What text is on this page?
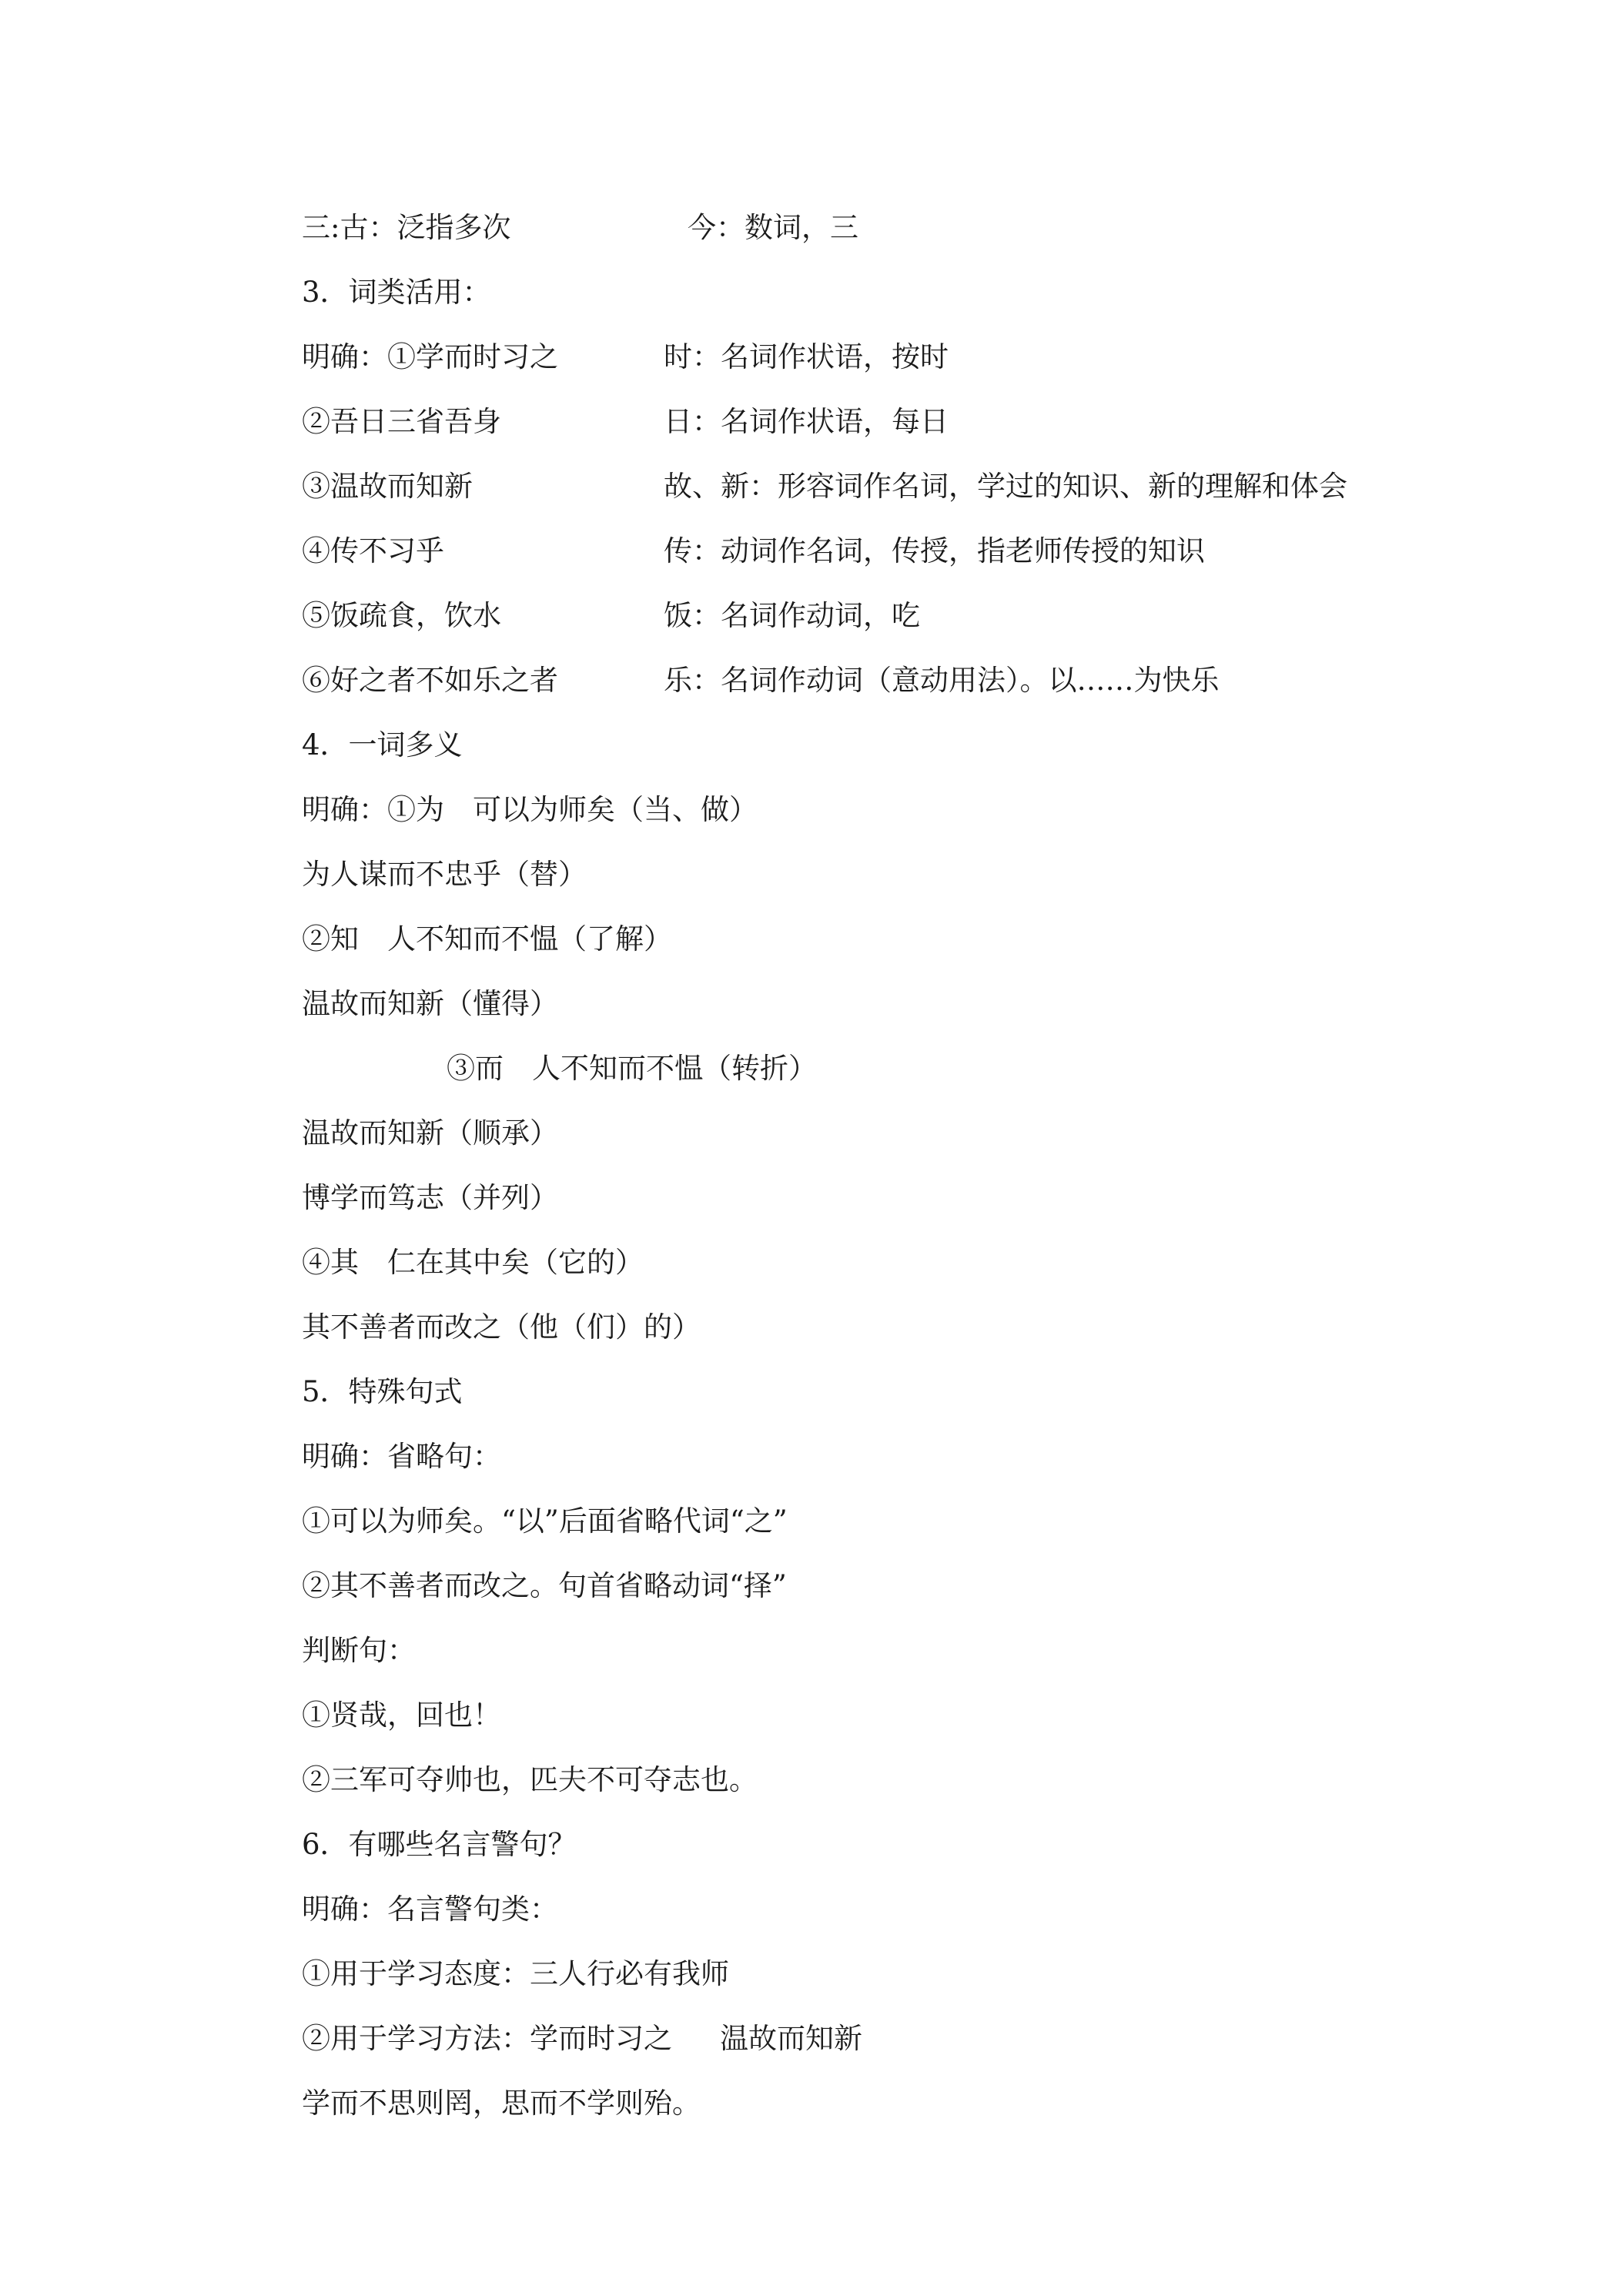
三:古：泛指多次	今：数词，三
3．词类活用：
明确：①学而时习之	时：名词作状语，按时
②吾日三省吾身	日：名词作状语，每日
③温故而知新	故、新：形容词作名词，学过的知识、新的理解和体会
④传不习乎	传：动词作名词，传授，指老师传授的知识
⑤饭疏食，饮水	饭：名词作动词，吃
⑥好之者不如乐之者	乐：名词作动词（意动用法）。以……为快乐
4．一词多义
明确：①为　可以为师矣（当、做）
为人谋而不忠乎（替）
②知　人不知而不愠（了解）
温故而知新（懂得）
③而　人不知而不愠（转折）
温故而知新（顺承）
博学而笃志（并列）
④其　仁在其中矣（它的）
其不善者而改之（他（们）的）
5．特殊句式
明确：省略句：
①可以为师矣。“以”后面省略代词“之”
②其不善者而改之。句首省略动词“择”
判断句：
①贤哉，回也！
②三军可夺帅也，匹夫不可夺志也。
6．有哪些名言警句？
明确：名言警句类：
①用于学习态度：三人行必有我师
②用于学习方法：学而时习之 温故而知新
学而不思则罔，思而不学则殆。
